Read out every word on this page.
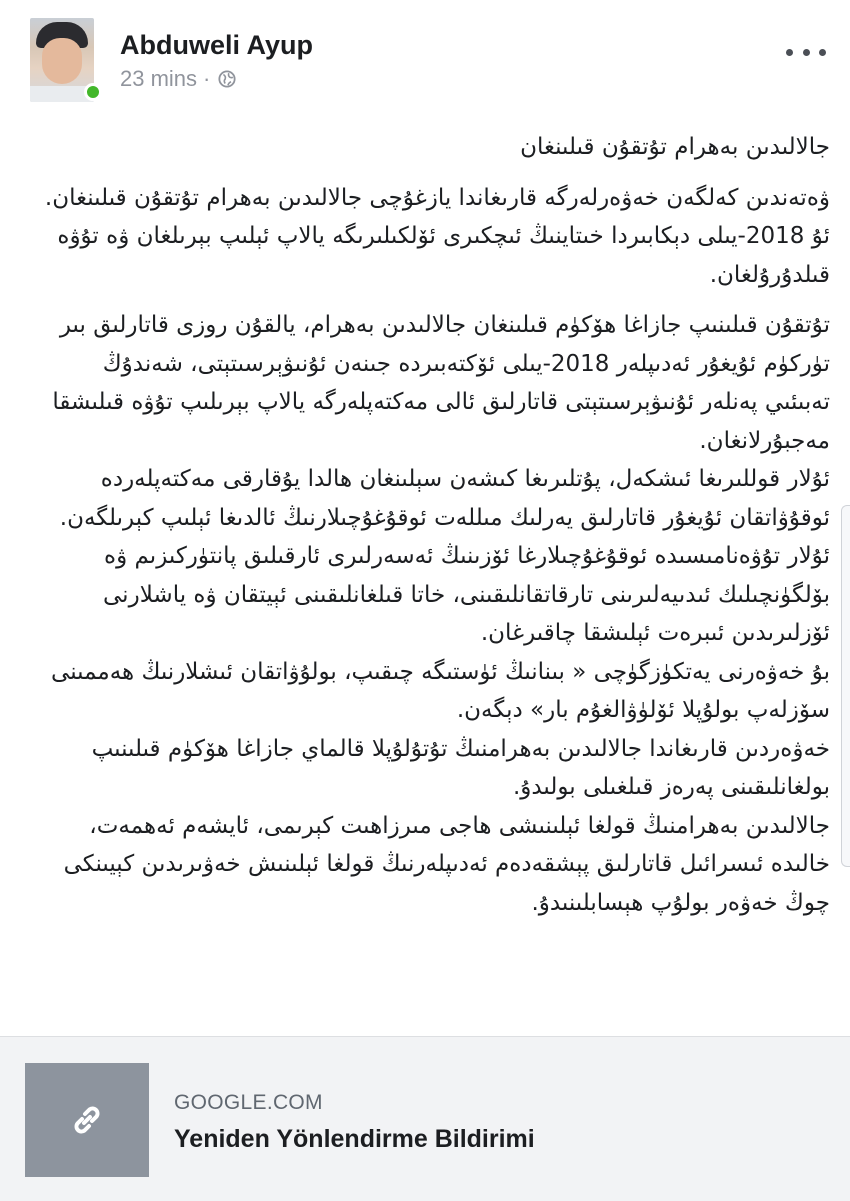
Abduweli Ayup
23 mins ·

جالالىدىن بەھرام تۇتقۇن قىلىنغان

ۋەتەندىن كەلگەن خەۋەرلەرگە قارىغاندا يازغۇچى جالالىدىن بەھرام تۇتقۇن قىلىنغان. ئۇ 2018-يىلى دېكابىردا خىتاينىڭ ئىچكىرى ئۆلكىلىرىگە يالاپ ئېلىپ بېرىلغان ۋە تۇۋە قىلدۇرۇلغان.

تۇتقۇن قىلىنىپ جازاغا ھۆكۈم قىلىنغان جالالىدىن بەھرام، يالقۇن روزى قاتارلىق بىر تۈركۈم ئۇيغۇر ئەدىپلەر 2018-يىلى ئۆكتەبىردە جىنەن ئۇنىۋېرسىتېتى، شەندۇڭ تەبىئىي پەنلەر ئۇنىۋېرسىتېتى قاتارلىق ئالى مەكتەپلەرگە يالاپ بېرىلىپ تۇۋە قىلىشقا مەجبۇرلانغان.

ئۇلار قوللىرىغا ئىشكەل، پۇتلىرىغا كىشەن سېلىنغان ھالدا يۇقارقى مەكتەپلەردە ئوقۇۋاتقان ئۇيغۇر قاتارلىق يەرلىك مىللەت ئوقۇغۇچىلارنىڭ ئالدىغا ئېلىپ كېرىلگەن. ئۇلار تۇۋەنامىسىدە ئوقۇغۇچىلارغا ئۆزىنىڭ ئەسەرلىرى ئارقىلىق پانتۈركىزىم ۋە بۆلگۈنچىلىك ئىدىيەلىرىنى تارقاتقانلىقىنى، خاتا قىلغانلىقىنى ئېيتقان ۋە ياشلارنى ئۆزلىرىدىن ئىبرەت ئېلىشقا چاقىرغان.

بۇ خەۋەرنى يەتكۈزگۈچى « بىنانىڭ ئۈستىگە چىقىپ، بولۇۋاتقان ئىشلارنىڭ ھەممىنى سۆزلەپ بولۇپلا ئۆلۈۋالغۇم بار» دېگەن.

خەۋەردىن قارىغاندا جالالىدىن بەھرامنىڭ تۇتۇلۇپلا قالماي جازاغا ھۆكۈم قىلىنىپ بولغانلىقىنى پەرەز قىلغىلى بولىدۇ.

جالالىدىن بەھرامنىڭ قولغا ئېلىنىشى ھاجى مىرزاھىت كېرىمى، ئايشەم ئەھمەت، خالىدە ئىسرائىل قاتارلىق پېشقەدەم ئەدىپلەرنىڭ قولغا ئېلىنىش خەۋىرىدىن كېيىنكى چوڭ خەۋەر بولۇپ ھېسابلىنىدۇ.

GOOGLE.COM
Yeniden Yönlendirme Bildirimi
